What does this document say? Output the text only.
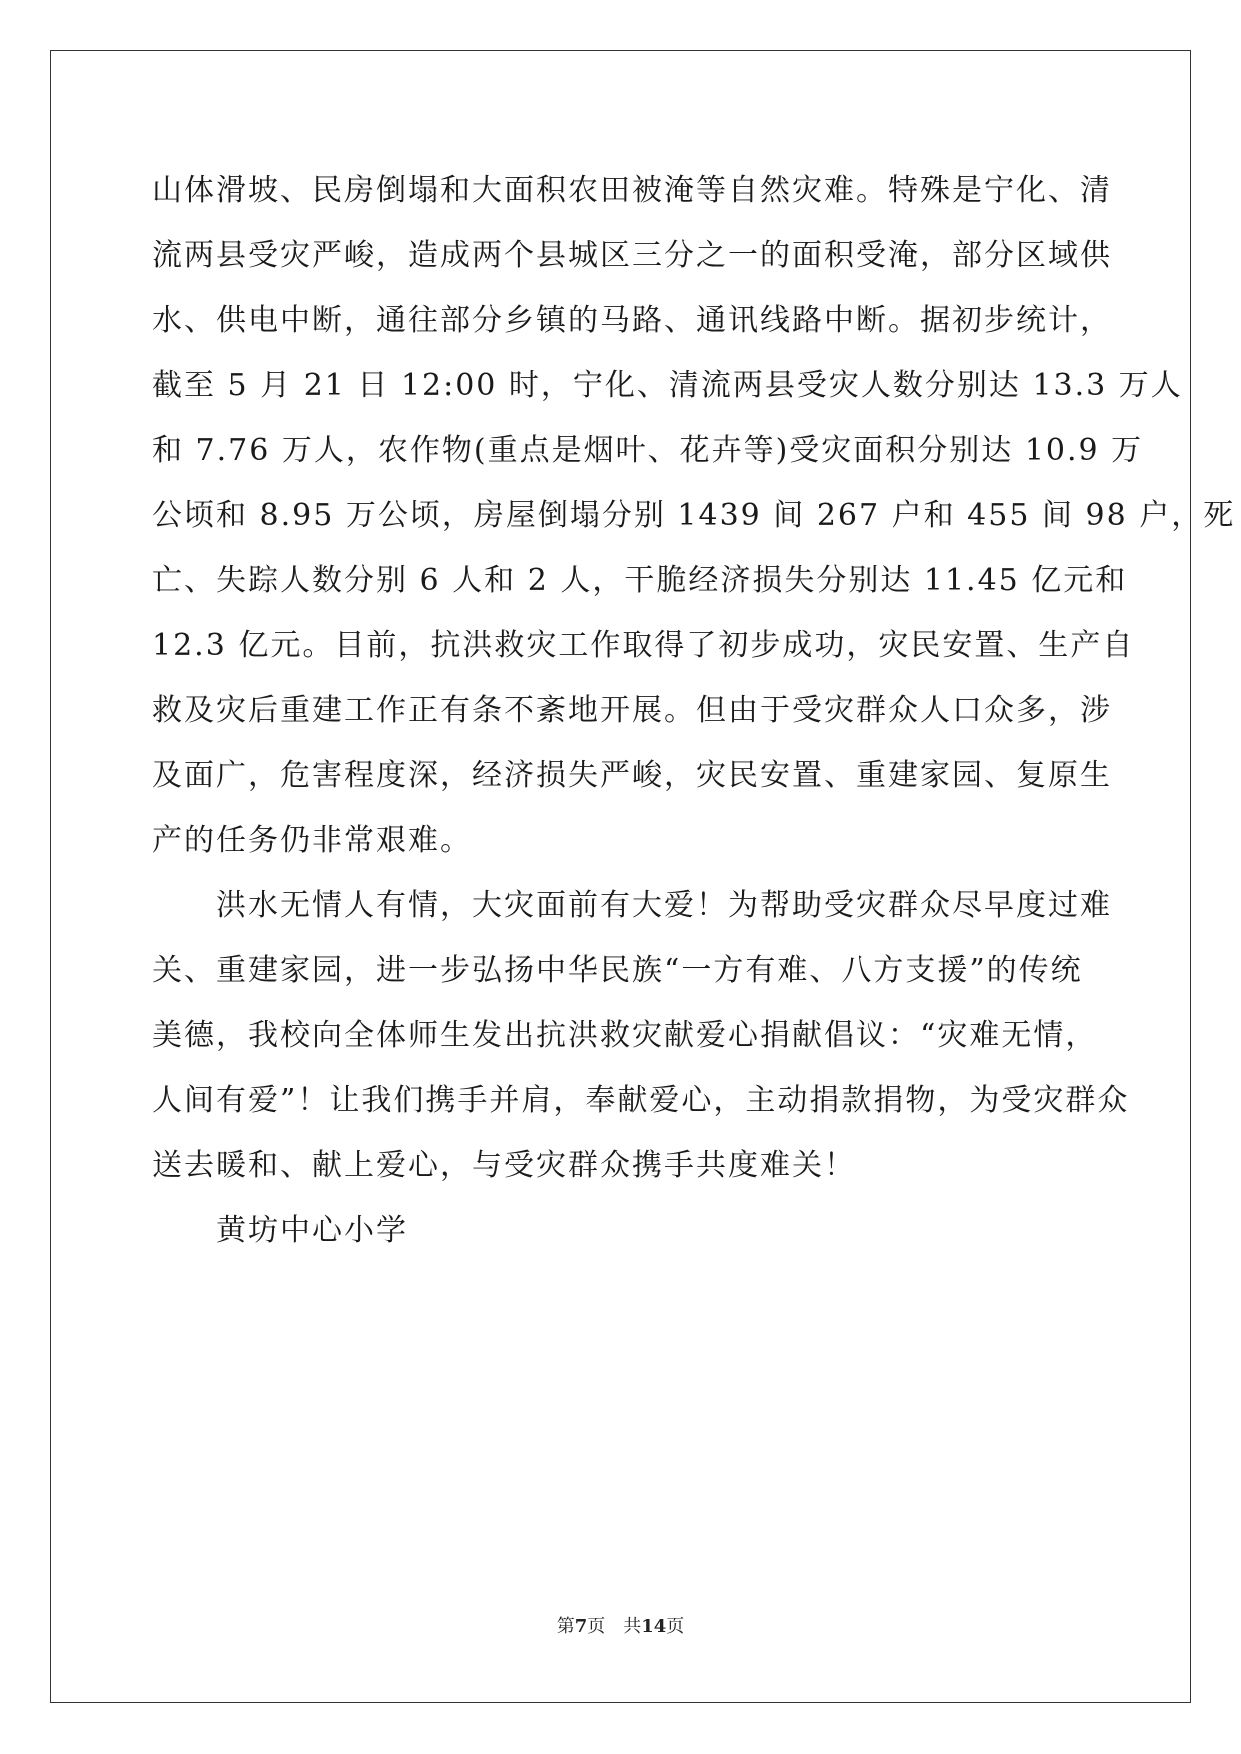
山体滑坡、民房倒塌和大面积农田被淹等自然灾难。特殊是宁化、清
流两县受灾严峻，造成两个县城区三分之一的面积受淹，部分区域供
水、供电中断，通往部分乡镇的马路、通讯线路中断。据初步统计，
截至 5 月 21 日 12:00 时，宁化、清流两县受灾人数分别达 13.3 万人
和 7.76 万人，农作物(重点是烟叶、花卉等)受灾面积分别达 10.9 万
公顷和 8.95 万公顷，房屋倒塌分别 1439 间 267 户和 455 间 98 户，死
亡、失踪人数分别 6 人和 2 人，干脆经济损失分别达 11.45 亿元和
12.3 亿元。目前，抗洪救灾工作取得了初步成功，灾民安置、生产自
救及灾后重建工作正有条不紊地开展。但由于受灾群众人口众多，涉
及面广，危害程度深，经济损失严峻，灾民安置、重建家园、复原生
产的任务仍非常艰难。
洪水无情人有情，大灾面前有大爱！为帮助受灾群众尽早度过难
关、重建家园，进一步弘扬中华民族“一方有难、八方支援”的传统
美德，我校向全体师生发出抗洪救灾献爱心捐献倡议：“灾难无情，
人间有爱”！让我们携手并肩，奉献爱心，主动捐款捐物，为受灾群众
送去暖和、献上爱心，与受灾群众携手共度难关！
黄坊中心小学
第7页　共14页
